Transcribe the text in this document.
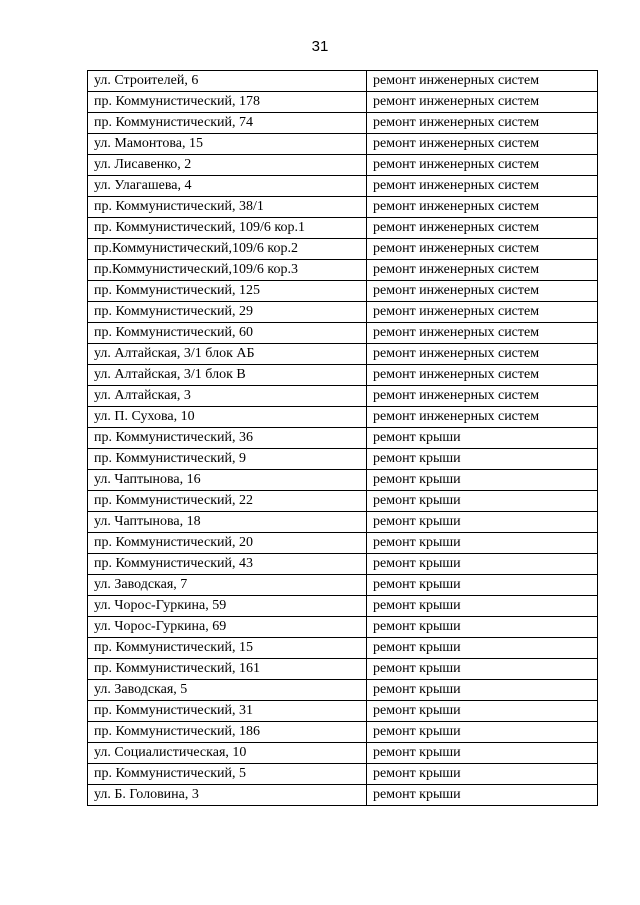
31
ул. Строителей, 6	ремонт инженерных систем
пр. Коммунистический, 178	ремонт инженерных систем
пр. Коммунистический, 74	ремонт инженерных систем
ул. Мамонтова, 15	ремонт инженерных систем
ул. Лисавенко, 2	ремонт инженерных систем
ул. Улагашева, 4	ремонт инженерных систем
пр. Коммунистический, 38/1	ремонт инженерных систем
пр. Коммунистический, 109/6 кор.1	ремонт инженерных систем
пр.Коммунистический,109/6 кор.2	ремонт инженерных систем
пр.Коммунистический,109/6 кор.3	ремонт инженерных систем
пр. Коммунистический, 125	ремонт инженерных систем
пр. Коммунистический, 29	ремонт инженерных систем
пр. Коммунистический, 60	ремонт инженерных систем
ул. Алтайская, 3/1 блок АБ	ремонт инженерных систем
ул. Алтайская, 3/1 блок В	ремонт инженерных систем
ул. Алтайская, 3	ремонт инженерных систем
ул. П. Сухова, 10	ремонт инженерных систем
пр. Коммунистический, 36	ремонт крыши
пр. Коммунистический, 9	ремонт крыши
ул. Чаптынова, 16	ремонт крыши
пр. Коммунистический, 22	ремонт крыши
ул. Чаптынова, 18	ремонт крыши
пр. Коммунистический, 20	ремонт крыши
пр. Коммунистический, 43	ремонт крыши
ул. Заводская, 7	ремонт крыши
ул. Чорос-Гуркина, 59	ремонт крыши
ул. Чорос-Гуркина, 69	ремонт крыши
пр. Коммунистический, 15	ремонт крыши
пр. Коммунистический, 161	ремонт крыши
ул. Заводская, 5	ремонт крыши
пр. Коммунистический, 31	ремонт крыши
пр. Коммунистический, 186	ремонт крыши
ул. Социалистическая, 10	ремонт крыши
пр. Коммунистический, 5	ремонт крыши
ул. Б. Головина, 3	ремонт крыши
